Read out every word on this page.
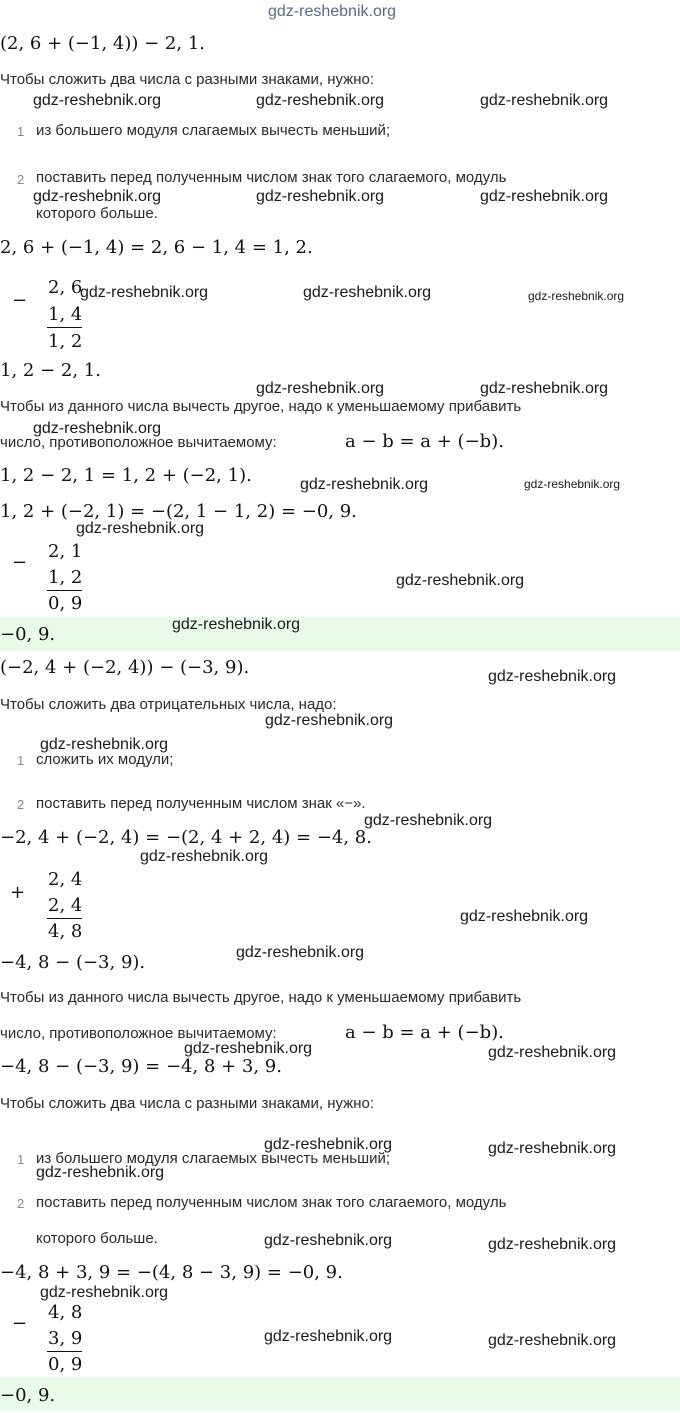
gdz-reshebnik.org
(2, 6 + (−1, 4)) − 2, 1.
Чтобы сложить два числа с разными знаками, нужно:
1 из большего модуля слагаемых вычесть меньший;
2 поставить перед полученным числом знак того слагаемого, модуль
которого больше.
2, 6 + (−1, 4) = 2, 6 − 1, 4 = 1, 2.
−
2, 6
1, 4
1, 2
1, 2 − 2, 1.
Чтобы из данного числа вычесть другое, надо к уменьшаемому прибавить
число, противоположное вычитаемому:	a − b = a + (−b).
1, 2 − 2, 1 = 1, 2 + (−2, 1).
1, 2 + (−2, 1) = −(2, 1 − 1, 2) = −0, 9.
−
2, 1
1, 2
0, 9
−0, 9.
(−2, 4 + (−2, 4)) − (−3, 9).
Чтобы сложить два отрицательных числа, надо:
1 сложить их модули;
2 поставить перед полученным числом знак «−».
−2, 4 + (−2, 4) = −(2, 4 + 2, 4) = −4, 8.
+
2, 4
2, 4
4, 8
−4, 8 − (−3, 9).
Чтобы из данного числа вычесть другое, надо к уменьшаемому прибавить
число, противоположное вычитаемому:	a − b = a + (−b).
−4, 8 − (−3, 9) = −4, 8 + 3, 9.
Чтобы сложить два числа с разными знаками, нужно:
1 из большего модуля слагаемых вычесть меньший;
2 поставить перед полученным числом знак того слагаемого, модуль
которого больше.
−4, 8 + 3, 9 = −(4, 8 − 3, 9) = −0, 9.
−
4, 8
3, 9
0, 9
−0, 9.
gdz-reshebnik.org	gdz-reshebnik.org	gdz-reshebnik.org
gdz-reshebnik.org	gdz-reshebnik.org	gdz-reshebnik.org
gdz-reshebnik.org	gdz-reshebnik.org	gdz-reshebnik.org
gdz-reshebnik.org	gdz-reshebnik.org
gdz-reshebnik.org
gdz-reshebnik.org	gdz-reshebnik.org
gdz-reshebnik.org
gdz-reshebnik.org
gdz-reshebnik.org
gdz-reshebnik.org
gdz-reshebnik.org
gdz-reshebnik.org
gdz-reshebnik.org
gdz-reshebnik.org
gdz-reshebnik.org
gdz-reshebnik.org
gdz-reshebnik.org	gdz-reshebnik.org
gdz-reshebnik.org	gdz-reshebnik.org
gdz-reshebnik.org
gdz-reshebnik.org	gdz-reshebnik.org
gdz-reshebnik.org
gdz-reshebnik.org	gdz-reshebnik.org
